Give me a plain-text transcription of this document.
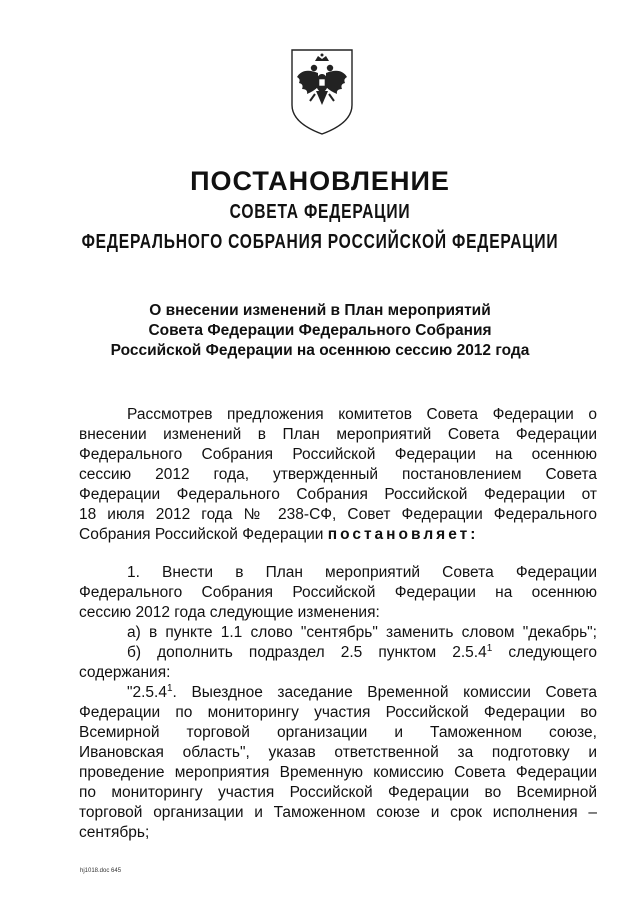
ПОСТАНОВЛЕНИЕ
СОВЕТА ФЕДЕРАЦИИ
ФЕДЕРАЛЬНОГО СОБРАНИЯ РОССИЙСКОЙ ФЕДЕРАЦИИ
О внесении изменений в План мероприятий
Совета Федерации Федерального Собрания
Российской Федерации на осеннюю сессию 2012 года
Рассмотрев предложения комитетов Совета Федерации о
внесении изменений в План мероприятий Совета Федерации
Федерального Собрания Российской Федерации на осеннюю
сессию 2012 года, утвержденный постановлением Совета
Федерации Федерального Собрания Российской Федерации от
18 июля 2012 года № 238-СФ, Совет Федерации Федерального
Собрания Российской Федерации постановляет:
1. Внести в План мероприятий Совета Федерации
Федерального Собрания Российской Федерации на осеннюю
сессию 2012 года следующие изменения:
а) в пункте 1.1 слово "сентябрь" заменить словом "декабрь";
б) дополнить подраздел 2.5 пунктом 2.5.4$^1$ следующего
содержания:
"2.5.4$^1$. Выездное заседание Временной комиссии Совета
Федерации по мониторингу участия Российской Федерации во
Всемирной торговой организации и Таможенном союзе,
Ивановская область", указав ответственной за подготовку и
проведение мероприятия Временную комиссию Совета Федерации
по мониторингу участия Российской Федерации во Всемирной
торговой организации и Таможенном союзе и срок исполнения –
сентябрь;
hj1018.doc 645
